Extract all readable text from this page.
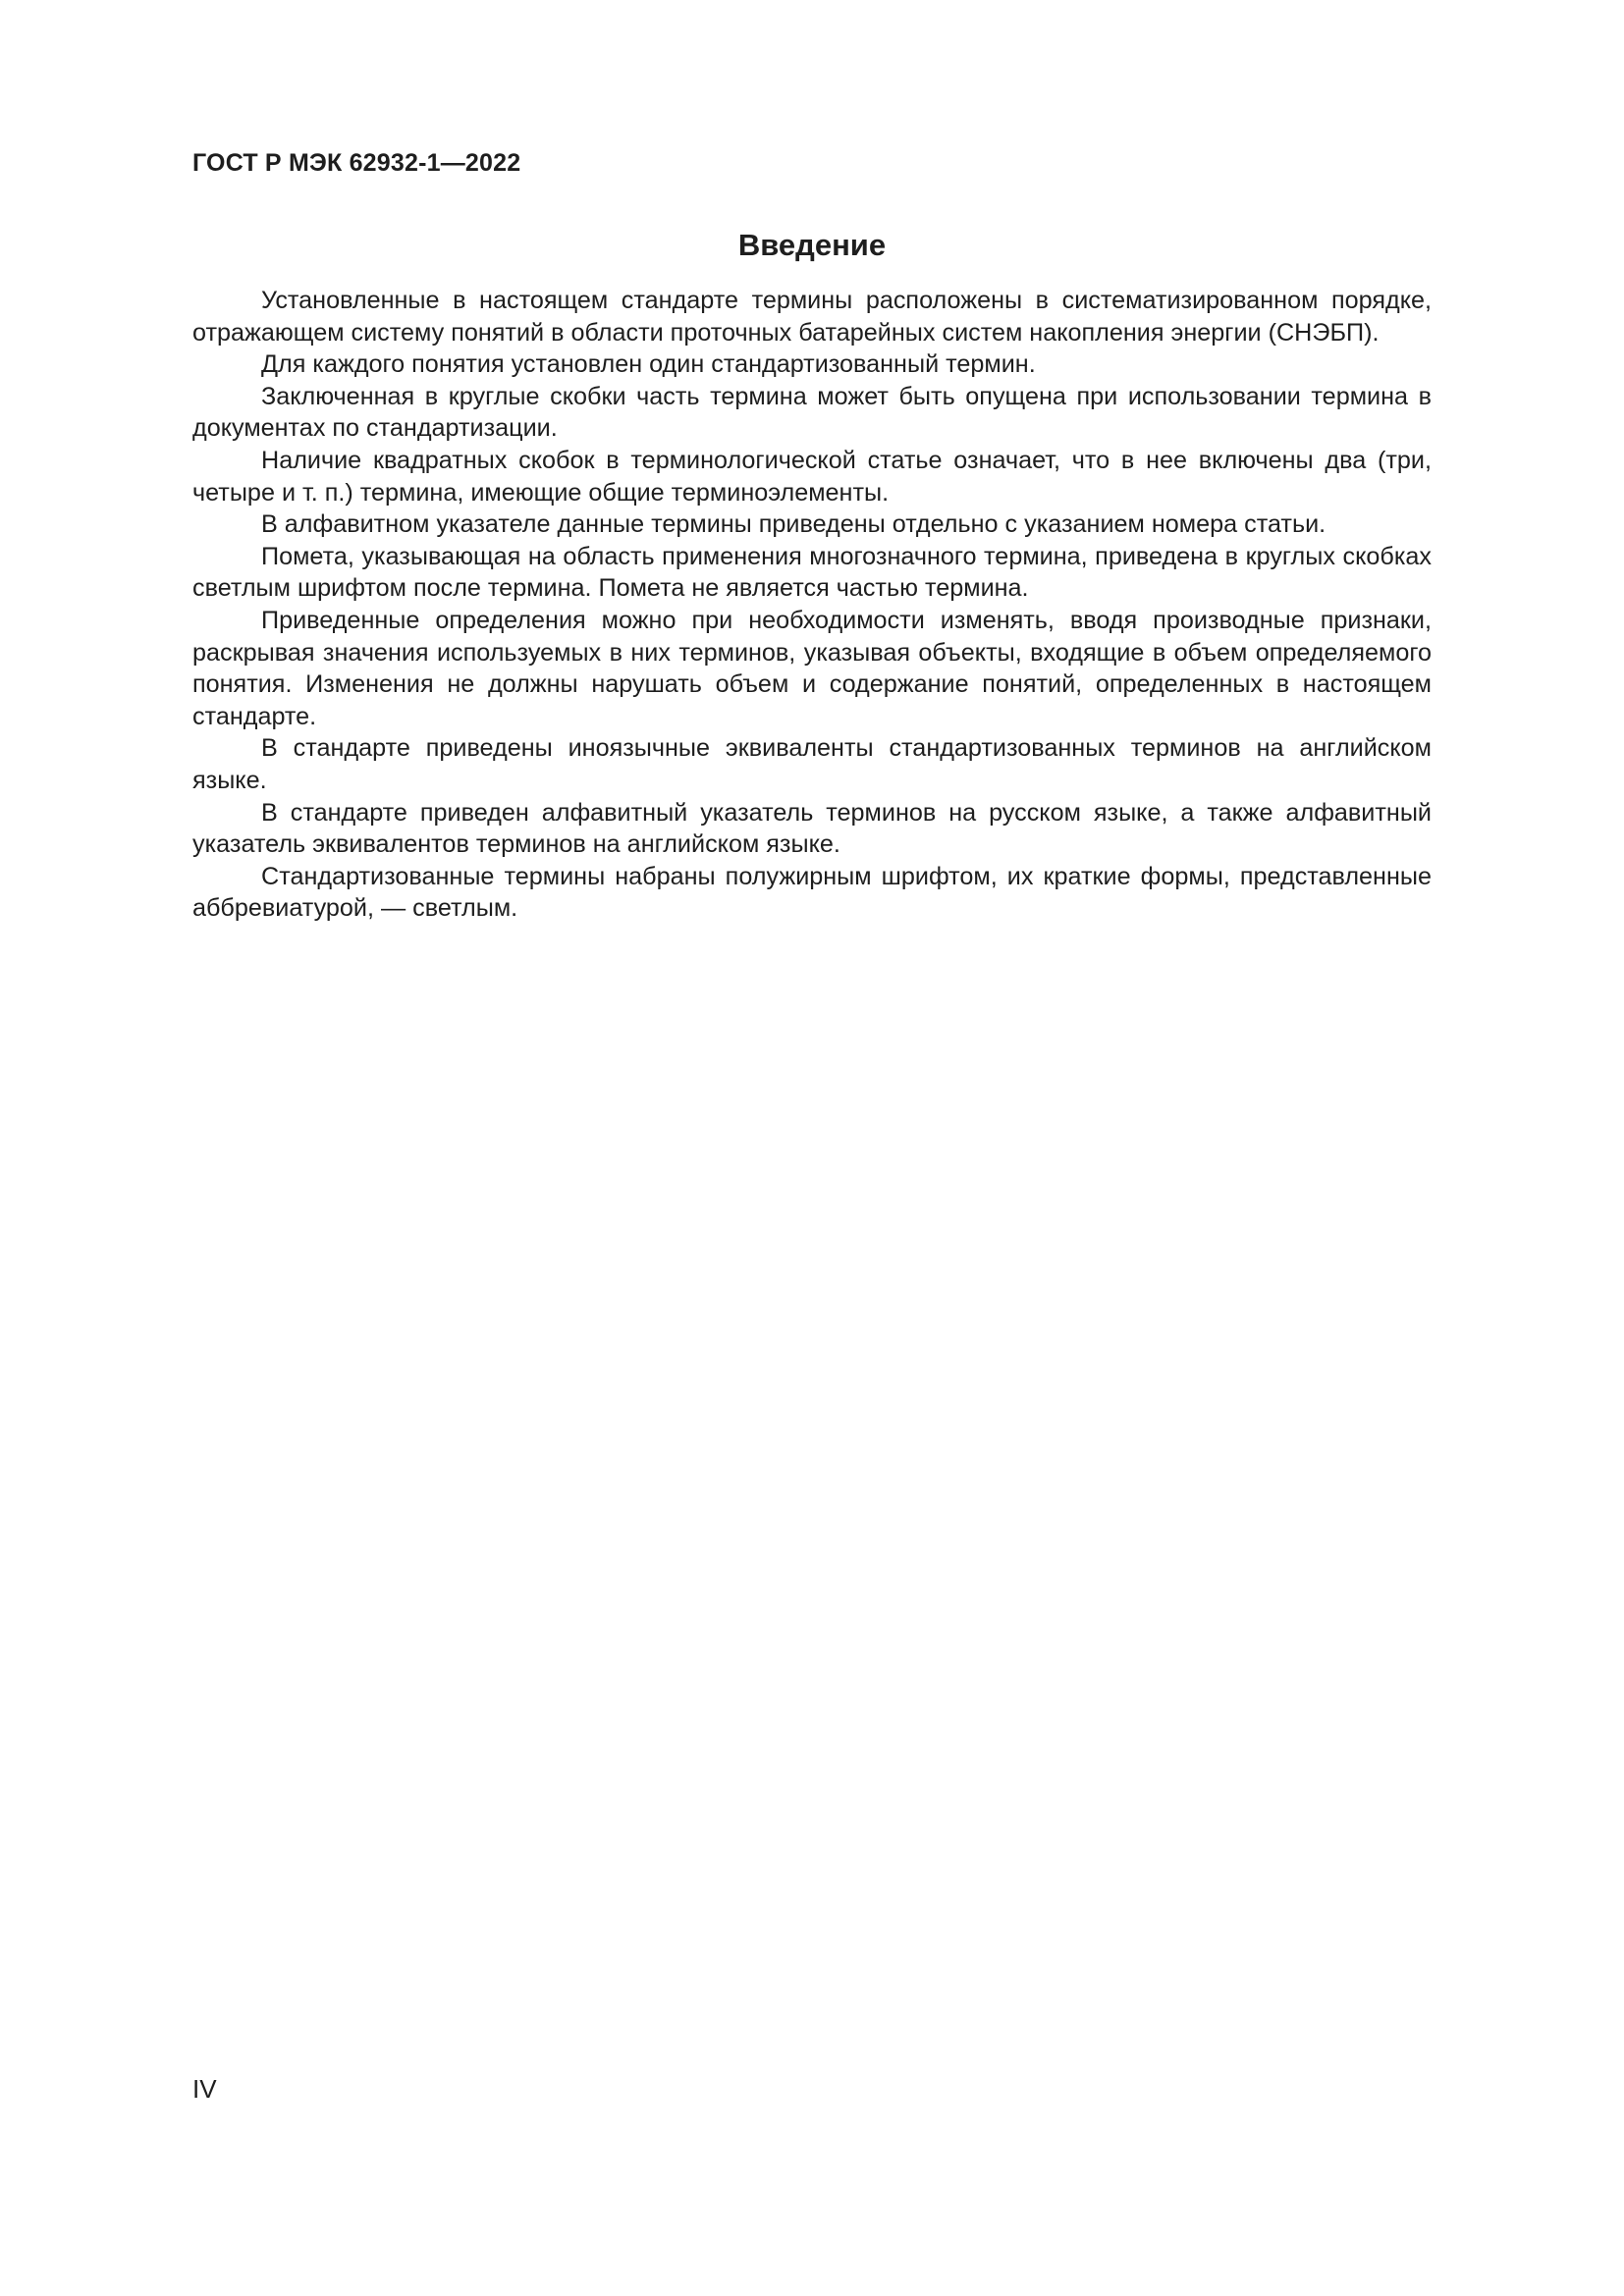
ГОСТ Р МЭК 62932-1—2022
Введение

Установленные в настоящем стандарте термины расположены в систематизированном порядке, отражающем систему понятий в области проточных батарейных систем накопления энергии (СНЭБП).

Для каждого понятия установлен один стандартизованный термин.

Заключенная в круглые скобки часть термина может быть опущена при использовании термина в документах по стандартизации.

Наличие квадратных скобок в терминологической статье означает, что в нее включены два (три, четыре и т. п.) термина, имеющие общие терминоэлементы.

В алфавитном указателе данные термины приведены отдельно с указанием номера статьи.

Помета, указывающая на область применения многозначного термина, приведена в круглых скобках светлым шрифтом после термина. Помета не является частью термина.

Приведенные определения можно при необходимости изменять, вводя производные признаки, раскрывая значения используемых в них терминов, указывая объекты, входящие в объем определяемого понятия. Изменения не должны нарушать объем и содержание понятий, определенных в настоящем стандарте.

В стандарте приведены иноязычные эквиваленты стандартизованных терминов на английском языке.

В стандарте приведен алфавитный указатель терминов на русском языке, а также алфавитный указатель эквивалентов терминов на английском языке.

Стандартизованные термины набраны полужирным шрифтом, их краткие формы, представленные аббревиатурой, — светлым.

IV
